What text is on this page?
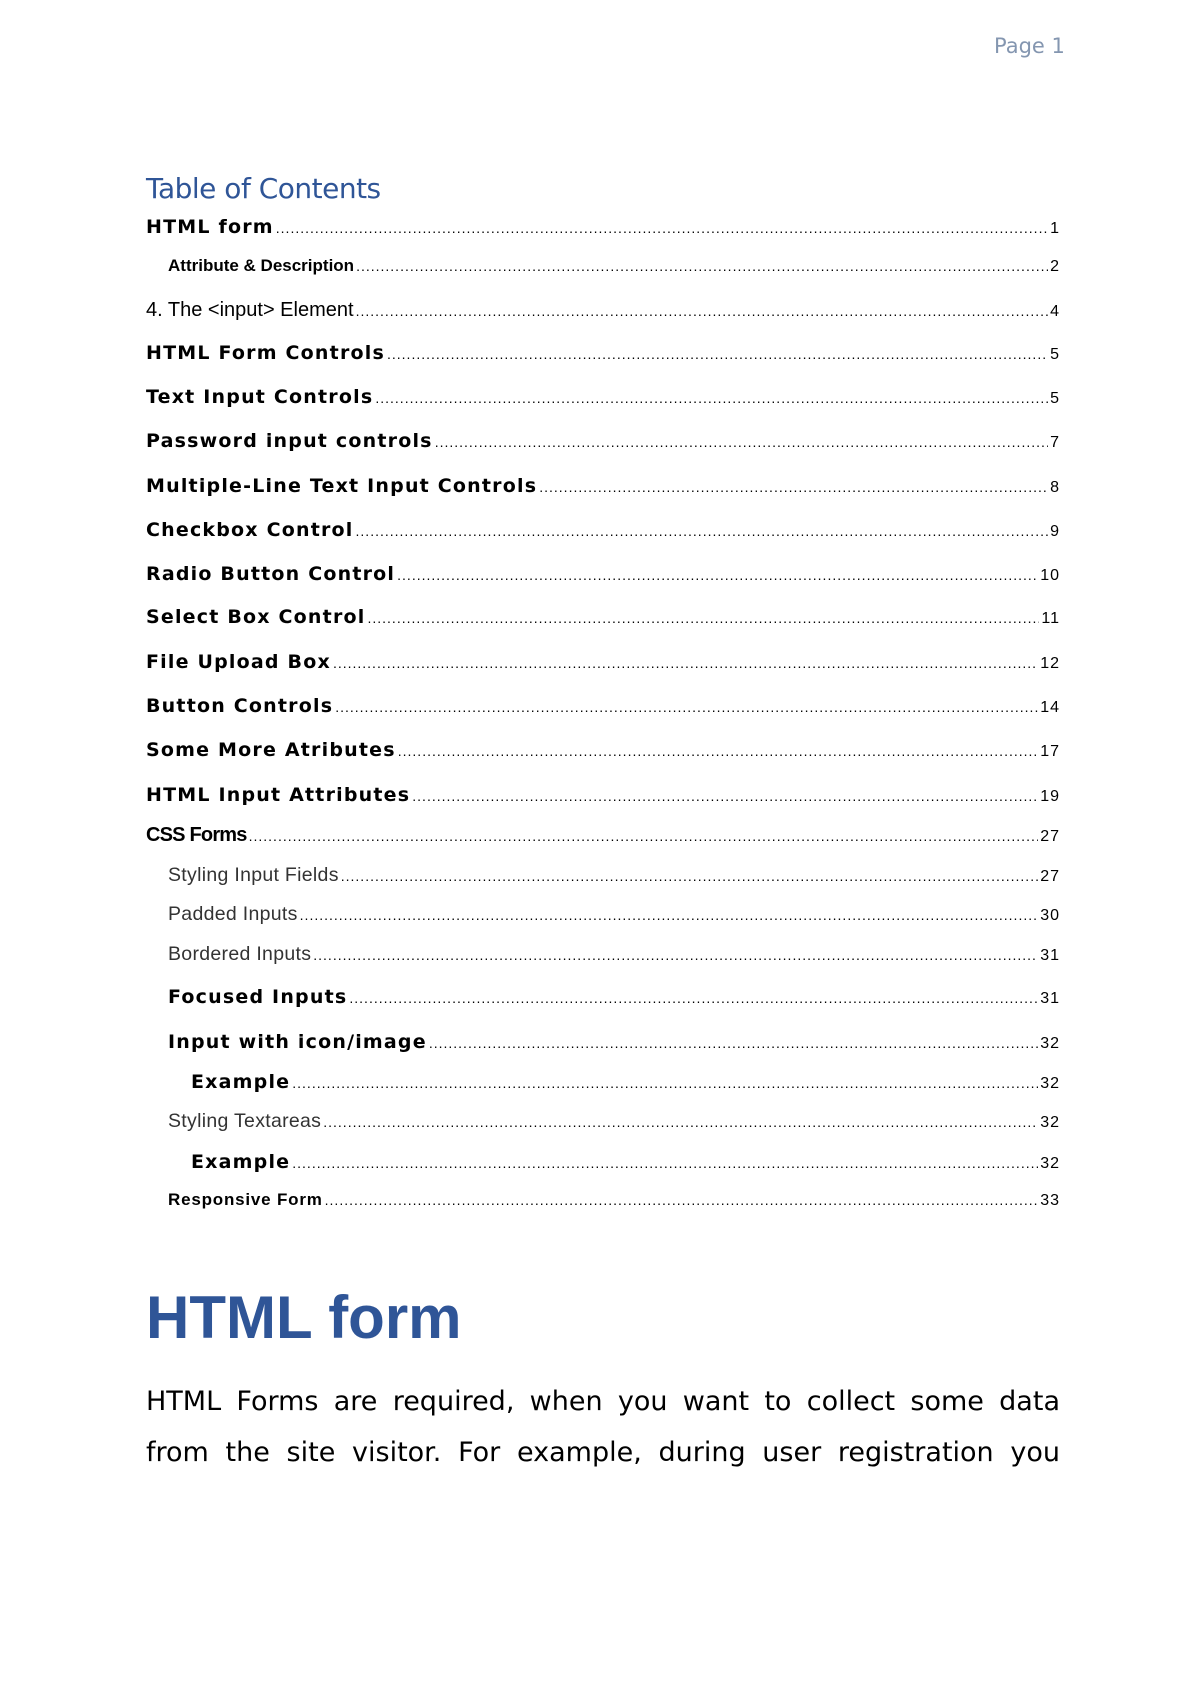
Page 1
Table of Contents
HTML form .....	1
Attribute & Description .....	2
4. The <input> Element .....	4
HTML Form Controls .....	5
Text Input Controls .....	5
Password input controls .....	7
Multiple-Line Text Input Controls .....	8
Checkbox Control .....	9
Radio Button Control .....	10
Select Box Control .....	11
File Upload Box .....	12
Button Controls .....	14
Some More Atributes .....	17
HTML Input Attributes .....	19
CSS Forms .....	27
Styling Input Fields .....	27
Padded Inputs .....	30
Bordered Inputs .....	31
Focused Inputs .....	31
Input with icon/image .....	32
Example .....	32
Styling Textareas .....	32
Example .....	32
Responsive Form .....	33
HTML form

HTML Forms are required, when you want to collect some data from the site visitor. For example, during user registration you
